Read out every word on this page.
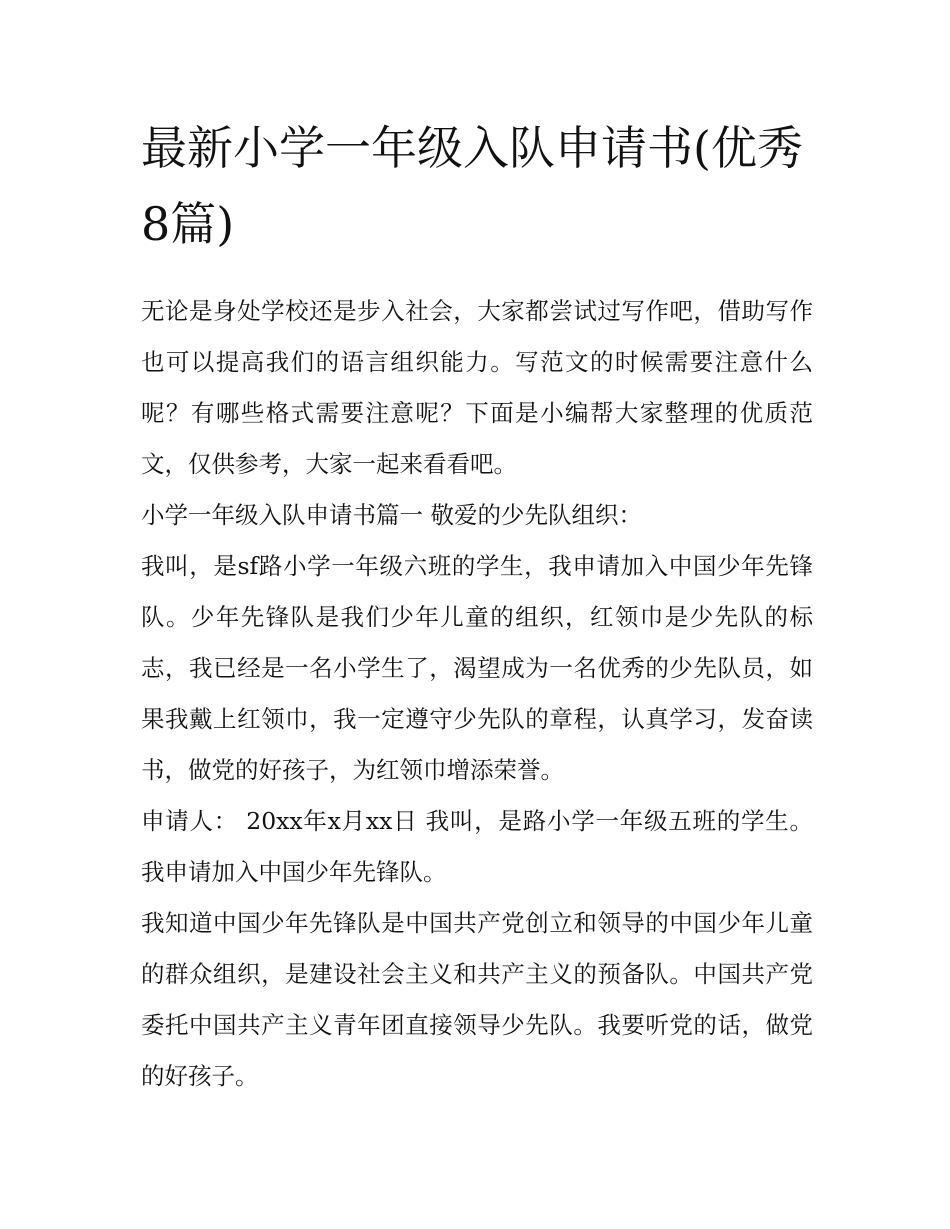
最新小学一年级入队申请书(优秀8篇)

无论是身处学校还是步入社会，大家都尝试过写作吧，借助写作也可以提高我们的语言组织能力。写范文的时候需要注意什么呢？有哪些格式需要注意呢？下面是小编帮大家整理的优质范文，仅供参考，大家一起来看看吧。

小学一年级入队申请书篇一 敬爱的少先队组织：

我叫，是sf路小学一年级六班的学生，我申请加入中国少年先锋队。少年先锋队是我们少年儿童的组织，红领巾是少先队的标志，我已经是一名小学生了，渴望成为一名优秀的少先队员，如果我戴上红领巾，我一定遵守少先队的章程，认真学习，发奋读书，做党的好孩子，为红领巾增添荣誉。

申请人： 20xx年x月xx日 我叫，是路小学一年级五班的学生。我申请加入中国少年先锋队。

我知道中国少年先锋队是中国共产党创立和领导的中国少年儿童的群众组织，是建设社会主义和共产主义的预备队。中国共产党委托中国共产主义青年团直接领导少先队。我要听党的话，做党的好孩子。
